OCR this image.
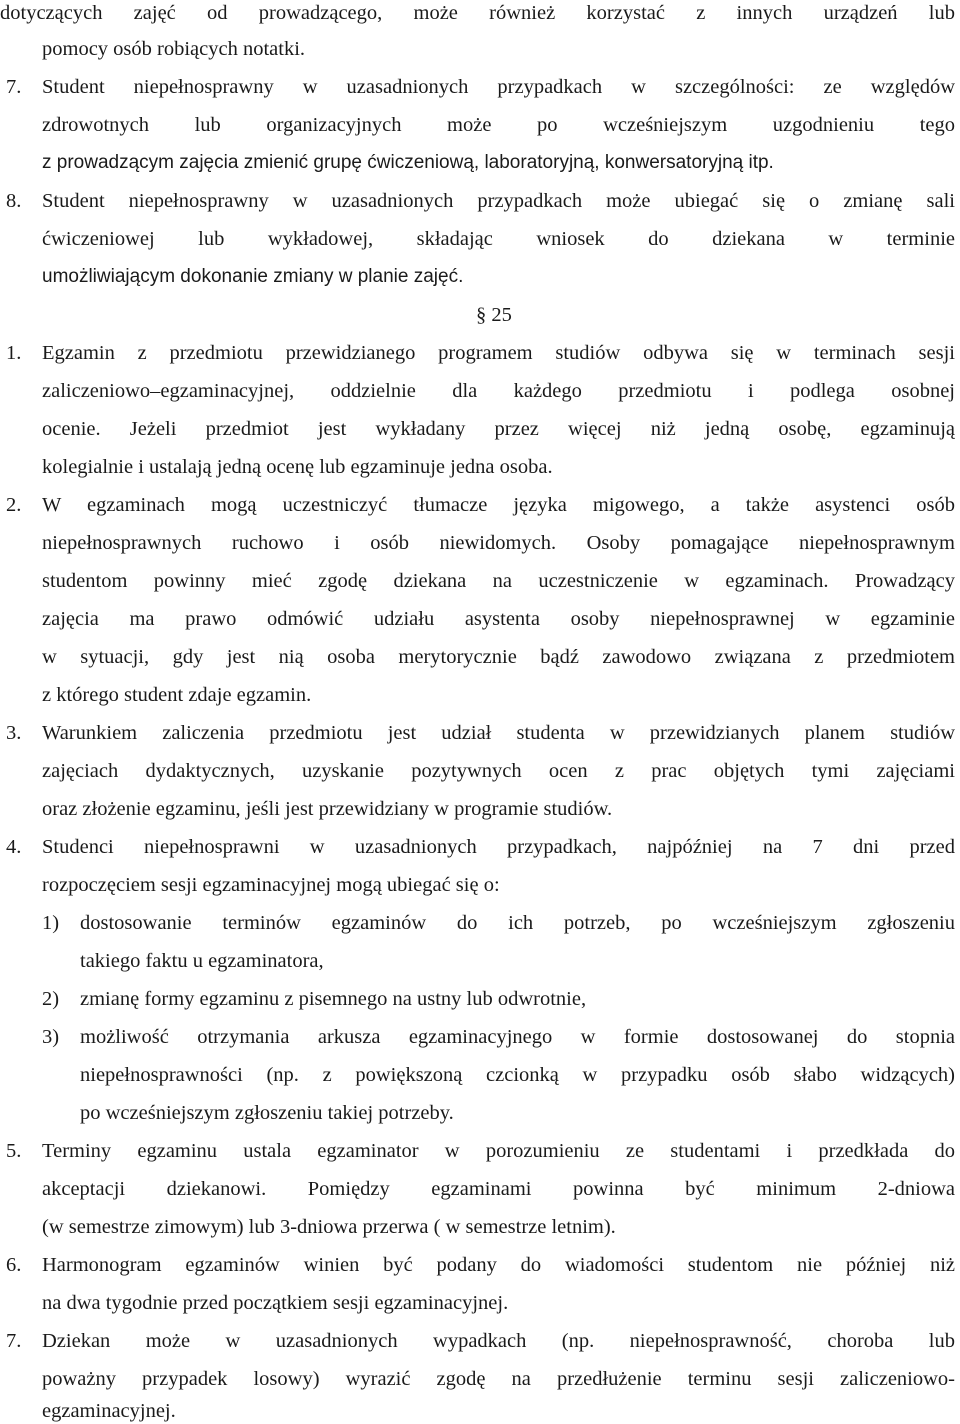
dotyczących zajęć od prowadzącego, może również korzystać z innych urządzeń lub
pomocy osób robiących notatki.
7. Student niepełnosprawny w uzasadnionych przypadkach w szczególności: ze względów
zdrowotnych lub organizacyjnych może po wcześniejszym uzgodnieniu tego
z prowadzącym zajęcia zmienić grupę ćwiczeniową, laboratoryjną, konwersatoryjną itp.
8. Student niepełnosprawny w uzasadnionych przypadkach może ubiegać się o zmianę sali
ćwiczeniowej lub wykładowej, składając wniosek do dziekana w terminie
umożliwiającym dokonanie zmiany w planie zajęć.
§ 25
1. Egzamin z przedmiotu przewidzianego programem studiów odbywa się w terminach sesji
zaliczeniowo–egzaminacyjnej, oddzielnie dla każdego przedmiotu i podlega osobnej
ocenie. Jeżeli przedmiot jest wykładany przez więcej niż jedną osobę, egzaminują
kolegialnie i ustalają jedną ocenę lub egzaminuje jedna osoba.
2. W egzaminach mogą uczestniczyć tłumacze języka migowego, a także asystenci osób
niepełnosprawnych ruchowo i osób niewidomych. Osoby pomagające niepełnosprawnym
studentom powinny mieć zgodę dziekana na uczestniczenie w egzaminach. Prowadzący
zajęcia ma prawo odmówić udziału asystenta osoby niepełnosprawnej w egzaminie
w sytuacji, gdy jest nią osoba merytorycznie bądź zawodowo związana z przedmiotem
z którego student zdaje egzamin.
3. Warunkiem zaliczenia przedmiotu jest udział studenta w przewidzianych planem studiów
zajęciach dydaktycznych, uzyskanie pozytywnych ocen z prac objętych tymi zajęciami
oraz złożenie egzaminu, jeśli jest przewidziany w programie studiów.
4. Studenci niepełnosprawni w uzasadnionych przypadkach, najpóźniej na 7 dni przed
rozpoczęciem sesji egzaminacyjnej mogą ubiegać się o:
1) dostosowanie terminów egzaminów do ich potrzeb, po wcześniejszym zgłoszeniu
takiego faktu u egzaminatora,
2) zmianę formy egzaminu z pisemnego na ustny lub odwrotnie,
3) możliwość otrzymania arkusza egzaminacyjnego w formie dostosowanej do stopnia
niepełnosprawności (np. z powiększoną czcionką w przypadku osób słabo widzących)
po wcześniejszym zgłoszeniu takiej potrzeby.
5. Terminy egzaminu ustala egzaminator w porozumieniu ze studentami i przedkłada do
akceptacji dziekanowi. Pomiędzy egzaminami powinna być minimum 2-dniowa
(w semestrze zimowym) lub 3-dniowa przerwa ( w semestrze letnim).
6. Harmonogram egzaminów winien być podany do wiadomości studentom nie później niż
na dwa tygodnie przed początkiem sesji egzaminacyjnej.
7. Dziekan może w uzasadnionych wypadkach (np. niepełnosprawność, choroba lub
poważny przypadek losowy) wyrazić zgodę na przedłużenie terminu sesji zaliczeniowo-
egzaminacyjnej.
